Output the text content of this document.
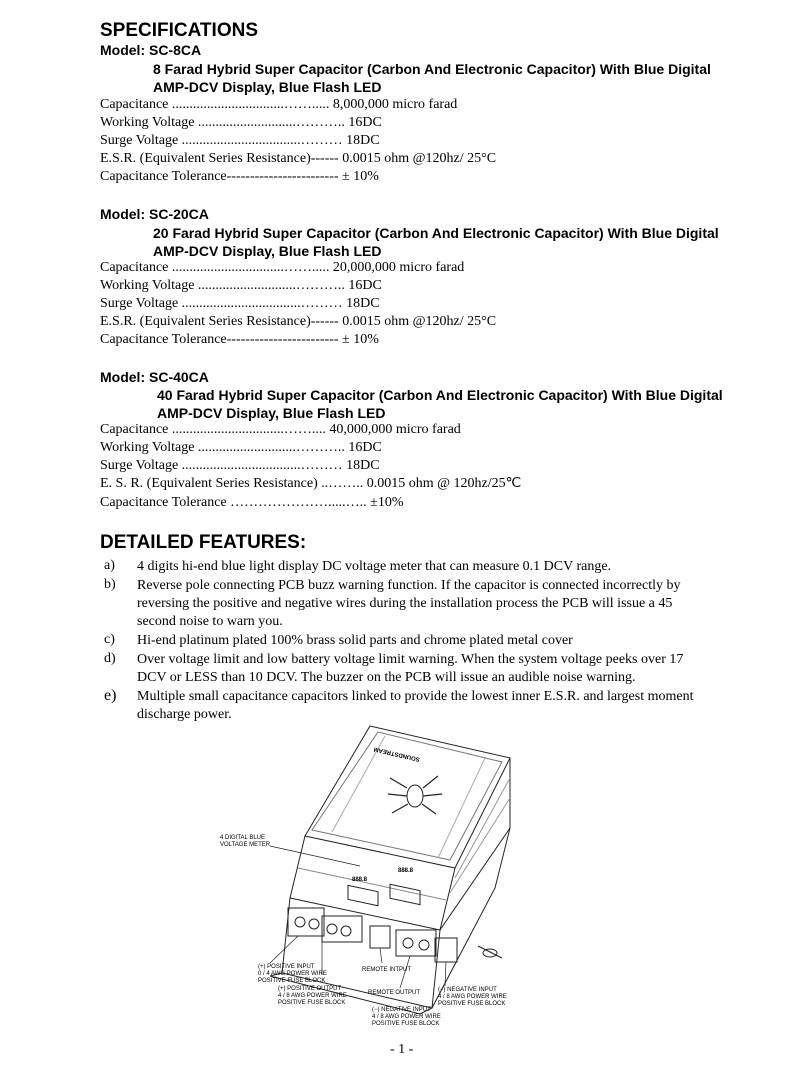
SPECIFICATIONS
Model: SC-8CA
8 Farad Hybrid Super Capacitor (Carbon And Electronic Capacitor) With Blue Digital AMP-DCV Display, Blue Flash LED
Capacitance ................................……..... 8,000,000 micro farad
Working Voltage ............................……….. 16DC
Surge Voltage ..................................……… 18DC
E.S.R. (Equivalent Series Resistance)------ 0.0015 ohm @120hz/ 25°C
Capacitance Tolerance------------------------ ± 10%
Model: SC-20CA
20 Farad Hybrid Super Capacitor (Carbon And Electronic Capacitor) With Blue Digital AMP-DCV Display, Blue Flash LED
Capacitance ................................……..... 20,000,000 micro farad
Working Voltage ............................……….. 16DC
Surge Voltage ..................................……… 18DC
E.S.R. (Equivalent Series Resistance)------ 0.0015 ohm @120hz/ 25°C
Capacitance Tolerance------------------------ ± 10%
Model: SC-40CA
40 Farad Hybrid Super Capacitor (Carbon And Electronic Capacitor) With Blue Digital AMP-DCV Display, Blue Flash LED
Capacitance ................................…….... 40,000,000 micro farad
Working Voltage ............................……….. 16DC
Surge Voltage ..................................……… 18DC
E. S. R. (Equivalent Series Resistance) ..…….. 0.0015 ohm @ 120hz/25℃
Capacitance Tolerance ………………….....….. ±10%
DETAILED FEATURES:
a) 4 digits hi-end blue light display DC voltage meter that can measure 0.1 DCV range.
b) Reverse pole connecting PCB buzz warning function. If the capacitor is connected incorrectly by reversing the positive and negative wires during the installation process the PCB will issue a 45 second noise to warn you.
c) Hi-end platinum plated 100% brass solid parts and chrome plated metal cover
d) Over voltage limit and low battery voltage limit warning. When the system voltage peeks over 17 DCV or LESS than 10 DCV. The buzzer on the PCB will issue an audible noise warning.
e) Multiple small capacitance capacitors linked to provide the lowest inner E.S.R. and largest moment discharge power.
SOUNDSTREAM
888.8
888.8
4 DIGITAL BLUE
VOLTAGE METER
(+) POSITIVE INPUT
0 / 4 AWG POWER WIRE
POSITIVE FUSE BLOCK
REMOTE INTPUT
(+) POSITIVE OUTPUT
4 / 8 AWG POWER WIRE
POSITIVE FUSE BLOCK
REMOTE OUTPUT
(−) NEGATIVE INPUT
4 / 8 AWG POWER WIRE
POSITIVE FUSE BLOCK
(−) NEGATIVE INPUT
4 / 8 AWG POWER WIRE
POSITIVE FUSE BLOCK
- 1 -
